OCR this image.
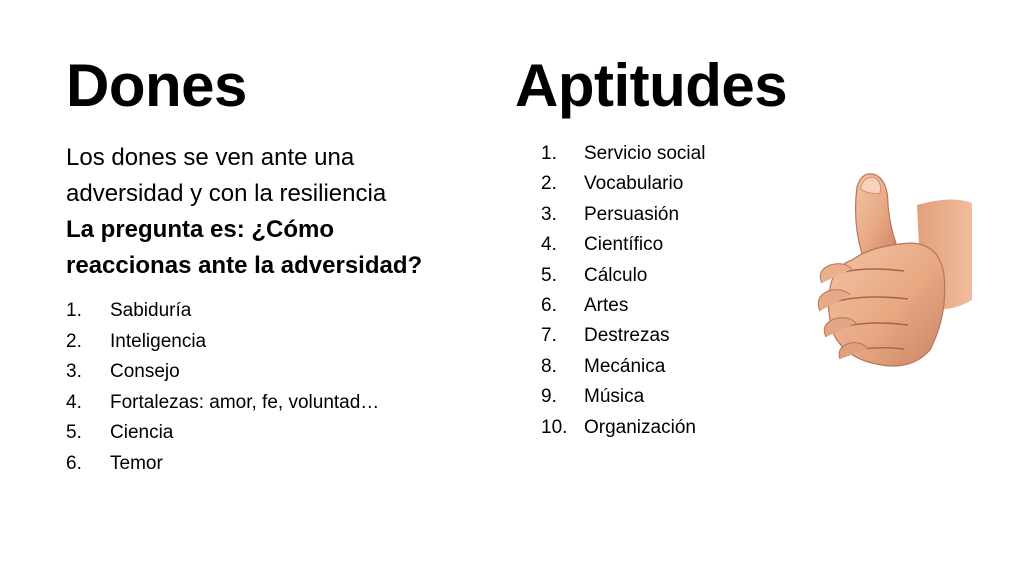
Dones	Aptitudes
Los dones se ven ante una
adversidad y con la resiliencia
La pregunta es: ¿Cómo
reaccionas ante la adversidad?
1.	Sabiduría
2.	Inteligencia
3.	Consejo
4.	Fortalezas: amor, fe, voluntad…
5.	Ciencia
6.	Temor
1.	Servicio social
2.	Vocabulario
3.	Persuasión
4.	Científico
5.	Cálculo
6.	Artes
7.	Destrezas
8.	Mecánica
9.	Música
10. Organización
